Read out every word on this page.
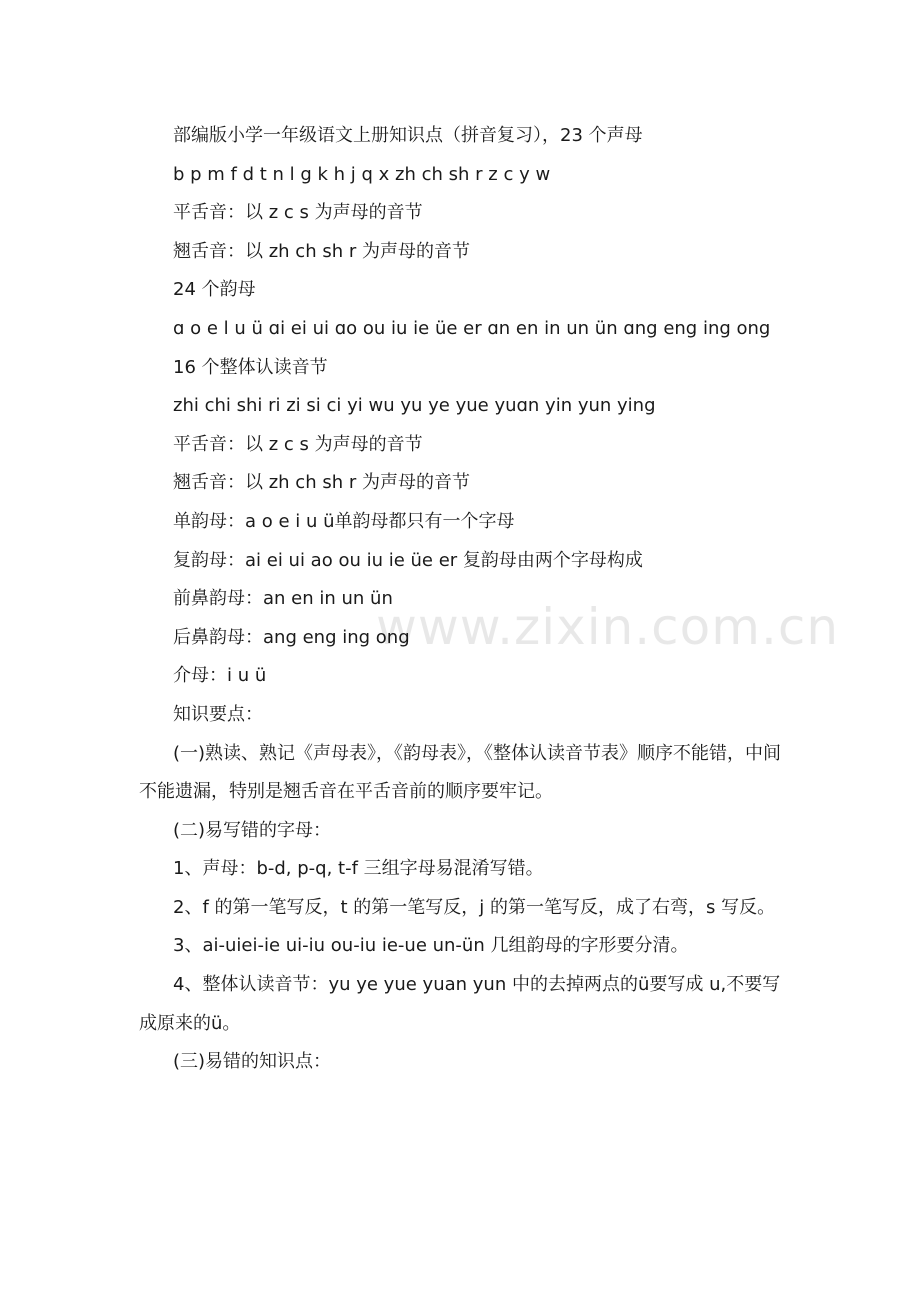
部编版小学一年级语文上册知识点（拼音复习），23 个声母

b p m f d t n l g k h j q x zh ch sh r z c y w

平舌音：以 z c s 为声母的音节

翘舌音：以 zh ch sh r 为声母的音节

24 个韵母

ɑ o e l u ü ɑi ei ui ɑo ou iu ie üe er ɑn en in un ün ɑng eng ing ong

16 个整体认读音节

zhi chi shi ri zi si ci yi wu yu ye yue yuɑn yin yun ying

平舌音：以 z c s 为声母的音节

翘舌音：以 zh ch sh r 为声母的音节

单韵母：a o e i u ü单韵母都只有一个字母

复韵母：ai ei ui ao ou iu ie üe er 复韵母由两个字母构成

前鼻韵母：an en in un ün

后鼻韵母：ang eng ing ong

介母：i u ü

知识要点：

(一)熟读、熟记《声母表》，《韵母表》，《整体认读音节表》顺序不能错，中间不能遗漏，特别是翘舌音在平舌音前的顺序要牢记。

(二)易写错的字母：

1、声母：b-d, p-q, t-f 三组字母易混淆写错。

2、f 的第一笔写反，t 的第一笔写反，j 的第一笔写反，成了右弯，s 写反。

3、ai-uiei-ie ui-iu ou-iu ie-ue un-ün 几组韵母的字形要分清。

4、整体认读音节：yu ye yue yuan yun 中的去掉两点的ü要写成 u,不要写成原来的ü。

(三)易错的知识点：

www.zixin.com.cn
